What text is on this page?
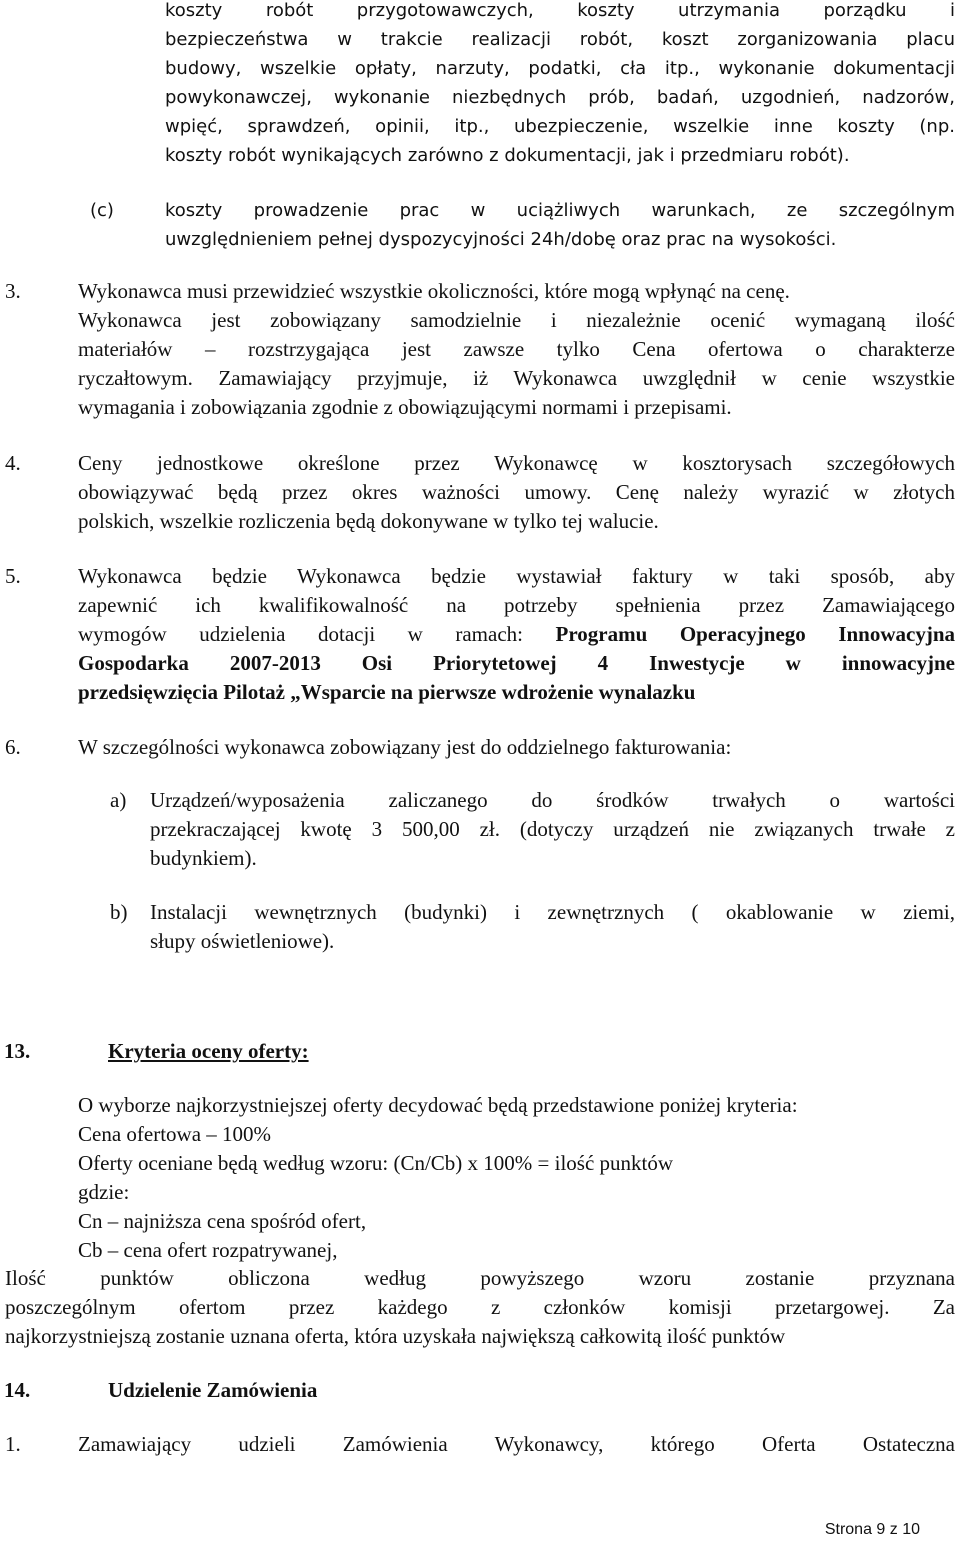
koszty robót przygotowawczych, koszty utrzymania porządku i
bezpieczeństwa w trakcie realizacji robót, koszt zorganizowania placu
budowy, wszelkie opłaty, narzuty, podatki, cła itp., wykonanie dokumentacji
powykonawczej, wykonanie niezbędnych prób, badań, uzgodnień, nadzorów,
wpięć, sprawdzeń, opinii, itp., ubezpieczenie, wszelkie inne koszty (np.
koszty robót wynikających zarówno z dokumentacji, jak i przedmiaru robót).
(c)	koszty prowadzenie prac w uciążliwych warunkach, ze szczególnym
uwzględnieniem pełnej dyspozycyjności 24h/dobę oraz prac na wysokości.
3.	Wykonawca musi przewidzieć wszystkie okoliczności, które mogą wpłynąć na cenę.
Wykonawca jest zobowiązany samodzielnie i niezależnie ocenić wymaganą ilość
materiałów – rozstrzygająca jest zawsze tylko Cena ofertowa o charakterze
ryczałtowym. Zamawiający przyjmuje, iż Wykonawca uwzględnił w cenie wszystkie
wymagania i zobowiązania zgodnie z obowiązującymi normami i przepisami.
4.	Ceny jednostkowe określone przez Wykonawcę w kosztorysach szczegółowych
obowiązywać będą przez okres ważności umowy. Cenę należy wyrazić w złotych
polskich, wszelkie rozliczenia będą dokonywane w tylko tej walucie.
5.	Wykonawca będzie Wykonawca będzie wystawiał faktury w taki sposób, aby
zapewnić ich kwalifikowalność na potrzeby spełnienia przez Zamawiającego
wymogów udzielenia dotacji w ramach: Programu Operacyjnego Innowacyjna
Gospodarka 2007-2013 Osi Priorytetowej 4 Inwestycje w innowacyjne
przedsięwzięcia Pilotaż „Wsparcie na pierwsze wdrożenie wynalazku
6.	W szczególności wykonawca zobowiązany jest do oddzielnego fakturowania:
a) Urządzeń/wyposażenia zaliczanego do środków trwałych o wartości
przekraczającej kwotę 3 500,00 zł. (dotyczy urządzeń nie związanych trwałe z
budynkiem).
b) Instalacji wewnętrznych (budynki) i zewnętrznych ( okablowanie w ziemi,
słupy oświetleniowe).
13.	Kryteria oceny oferty:
O wyborze najkorzystniejszej oferty decydować będą przedstawione poniżej kryteria:
Cena ofertowa – 100%
Oferty oceniane będą według wzoru: (Cn/Cb) x 100% = ilość punktów
gdzie:
Cn – najniższa cena spośród ofert,
Cb – cena ofert rozpatrywanej,
Ilość punktów obliczona według powyższego wzoru zostanie przyznana
poszczególnym ofertom przez każdego z członków komisji przetargowej. Za
najkorzystniejszą zostanie uznana oferta, która uzyskała największą całkowitą ilość punktów
14.	Udzielenie Zamówienia
1.	Zamawiający udzieli Zamówienia Wykonawcy, którego Oferta Ostateczna
Strona 9 z 10
